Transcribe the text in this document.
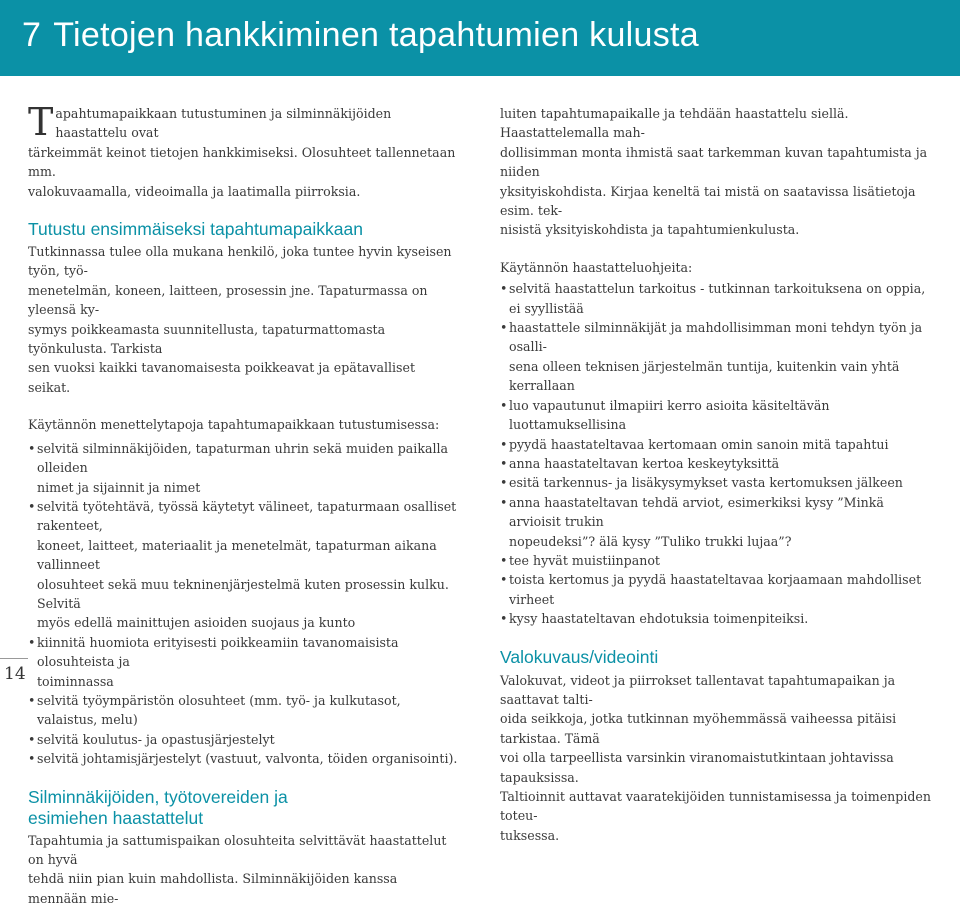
7 Tietojen hankkiminen tapahtumien kulusta

T apahtumapaikkaan tutustuminen ja silminnäkijöiden haastattelu ovat
tärkeimmät keinot tietojen hankkimiseksi. Olosuhteet tallennetaan mm.
valokuvaamalla, videoimalla ja laatimalla piirroksia.

Tutustu ensimmäiseksi tapahtumapaikkaan

Tutkinnassa tulee olla mukana henkilö, joka tuntee hyvin kyseisen työn, työ-
menetelmän, koneen, laitteen, prosessin jne. Tapaturmassa on yleensä ky-
symys poikkeamasta suunnitellusta, tapaturmattomasta työnkulusta. Tarkista
sen vuoksi kaikki tavanomaisesta poikkeavat ja epätavalliset seikat.

Käytännön menettelytapoja tapahtumapaikkaan tutustumisessa:

• selvitä silminnäkijöiden, tapaturman uhrin sekä muiden paikalla olleiden
nimet ja sijainnit ja nimet
• selvitä työtehtävä, työssä käytetyt välineet, tapaturmaan osalliset rakenteet,
koneet, laitteet, materiaalit ja menetelmät, tapaturman aikana vallinneet
olosuhteet sekä muu tekninenjärjestelmä kuten prosessin kulku. Selvitä
myös edellä mainittujen asioiden suojaus ja kunto
• kiinnitä huomiota erityisesti poikkeamiin tavanomaisista olosuhteista ja
toiminnassa
• selvitä työympäristön olosuhteet (mm. työ- ja kulkutasot, valaistus, melu)
• selvitä koulutus- ja opastusjärjestelyt
• selvitä johtamisjärjestelyt (vastuut, valvonta, töiden organisointi).
Silminnäkijöiden, työtovereiden ja
esimiehen haastattelut

Tapahtumia ja sattumispaikan olosuhteita selvittävät haastattelut on hyvä
tehdä niin pian kuin mahdollista. Silminnäkijöiden kanssa mennään mie-

luiten tapahtumapaikalle ja tehdään haastattelu siellä. Haastattelemalla mah-
dollisimman monta ihmistä saat tarkemman kuvan tapahtumista ja niiden
yksityiskohdista. Kirjaa keneltä tai mistä on saatavissa lisätietoja esim. tek-
nisistä yksityiskohdista ja tapahtumienkulusta.

Käytännön haastatteluohjeita:

• selvitä haastattelun tarkoitus - tutkinnan tarkoituksena on oppia,
ei syyllistää
• haastattele silminnäkijät ja mahdollisimman moni tehdyn työn ja osalli-
sena olleen teknisen järjestelmän tuntija, kuitenkin vain yhtä kerrallaan
• luo vapautunut ilmapiiri kerro asioita käsiteltävän luottamuksellisina
• pyydä haastateltavaa kertomaan omin sanoin mitä tapahtui
• anna haastateltavan kertoa keskeytyksittä
• esitä tarkennus- ja lisäkysymykset vasta kertomuksen jälkeen
• anna haastateltavan tehdä arviot, esimerkiksi kysy ”Minkä arvioisit trukin
nopeudeksi”? älä kysy ”Tuliko trukki lujaa”?
• tee hyvät muistiinpanot
• toista kertomus ja pyydä haastateltavaa korjaamaan mahdolliset virheet
• kysy haastateltavan ehdotuksia toimenpiteiksi.
Valokuvaus/videointi

Valokuvat, videot ja piirrokset tallentavat tapahtumapaikan ja saattavat talti-
oida seikkoja, jotka tutkinnan myöhemmässä vaiheessa pitäisi tarkistaa. Tämä
voi olla tarpeellista varsinkin viranomaistutkintaan johtavissa tapauksissa.
Taltioinnit auttavat vaaratekijöiden tunnistamisessa ja toimenpiden toteu-
tuksessa.

14
